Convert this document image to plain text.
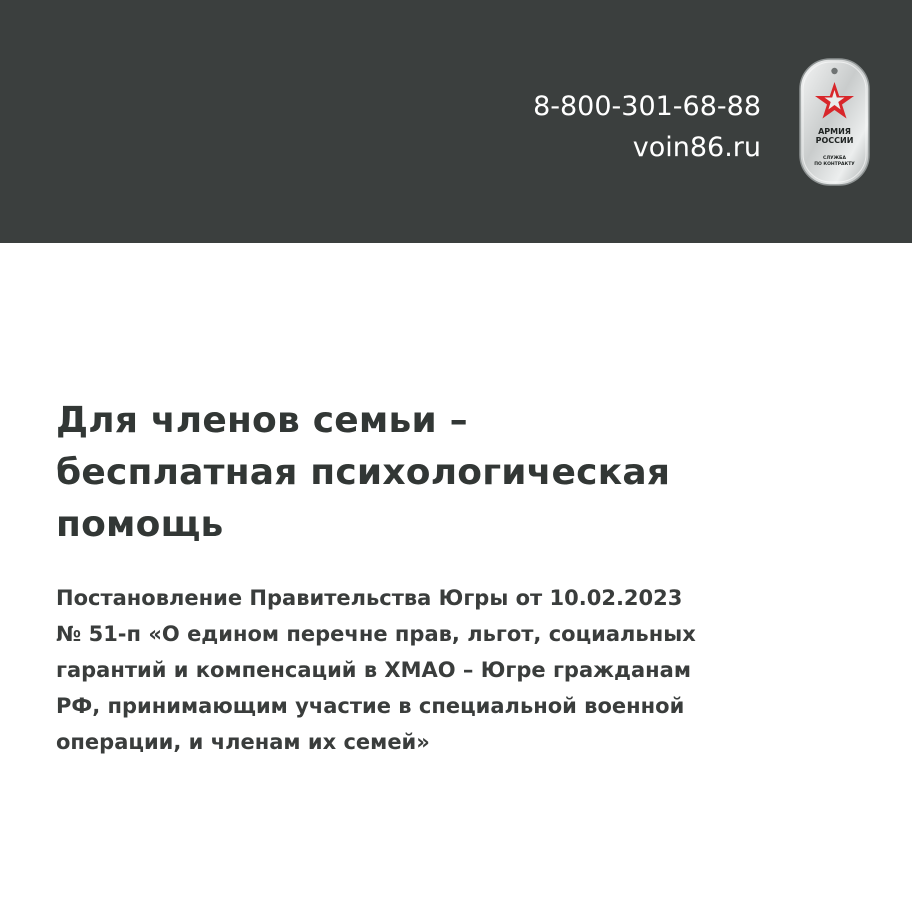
8-800-301-68-88
voin86.ru
АРМИЯ
РОССИИ
СЛУЖБА
ПО КОНТРАКТУ
Для членов семьи –
бесплатная психологическая
помощь
Постановление Правительства Югры от 10.02.2023
№ 51-п «О едином перечне прав, льгот, социальных
гарантий и компенсаций в ХМАО – Югре гражданам
РФ, принимающим участие в специальной военной
операции, и членам их семей»
